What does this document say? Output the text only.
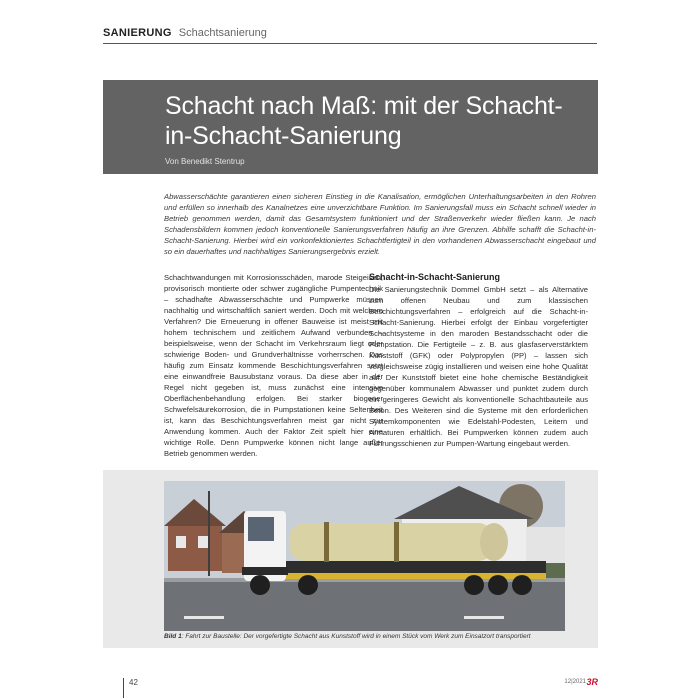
SANIERUNG Schachtsanierung
Schacht nach Maß: mit der Schacht-
in-Schacht-Sanierung
Von Benedikt Stentrup

Abwasserschächte garantieren einen sicheren Einstieg in die Kanalisation, ermöglichen Unterhaltungsarbeiten in den Rohren und erfüllen so innerhalb des Kanalnetzes eine unverzichtbare Funktion. Im Sanierungsfall muss ein Schacht schnell wieder in Betrieb genommen werden, damit das Gesamtsystem funktioniert und der Straßenverkehr wieder fließen kann. Je nach Schadensbildern kommen jedoch konventionelle Sanierungsverfahren häufig an ihre Grenzen. Abhilfe schafft die Schacht-in-Schacht-Sanierung. Hierbei wird ein vorkonfektioniertes Schachtfertigteil in den vorhandenen Abwasserschacht eingebaut und so ein dauerhaftes und nachhaltiges Sanierungsergebnis erzielt.

Schachtwandungen mit Korrosionsschäden, marode Steigeisen, provisorisch montierte oder schwer zugängliche Pumpentechnik – schadhafte Abwasserschächte und Pumpwerke müssen nachhaltig und wirtschaftlich saniert werden. Doch mit welchem Verfahren? Die Erneuerung in offener Bauweise ist meist mit hohem technischem und zeitlichem Aufwand verbunden – beispielsweise, wenn der Schacht im Verkehrsraum liegt oder schwierige Boden- und Grundverhältnisse vorherrschen. Das häufig zum Einsatz kommende Beschichtungsverfahren setzt eine einwandfreie Bausubstanz voraus. Da diese aber in der Regel nicht gegeben ist, muss zunächst eine intensive Oberflächenbehandlung erfolgen. Bei starker biogener Schwefelsäurekorrosion, die in Pumpstationen keine Seltenheit ist, kann das Beschichtungsverfahren meist gar nicht zur Anwendung kommen. Auch der Faktor Zeit spielt hier eine wichtige Rolle. Denn Pumpwerke können nicht lange außer Betrieb genommen werden.

Schacht-in-Schacht-Sanierung

Die Sanierungstechnik Dommel GmbH setzt – als Alternative zum offenen Neubau und zum klassischen Beschichtungsverfahren – erfolgreich auf die Schacht-in-Schacht-Sanierung. Hierbei erfolgt der Einbau vorgefertigter Schachtsysteme in den maroden Bestandsschacht oder die Pumpstation. Die Fertigteile – z. B. aus glasfaserverstärktem Kunststoff (GFK) oder Polypropylen (PP) – lassen sich vergleichsweise zügig installieren und weisen eine hohe Qualität auf. Der Kunststoff bietet eine hohe chemische Beständigkeit gegenüber kommunalem Abwasser und punktet zudem durch ein geringeres Gewicht als konventionelle Schachtbauteile aus Beton. Des Weiteren sind die Systeme mit den erforderlichen Systemkomponenten wie Edelstahl-Podesten, Leitern und Armaturen erhältlich. Bei Pumpwerken können zudem auch Führungsschienen zur Pumpen-Wartung eingebaut werden.

Bild 1: Fahrt zur Baustelle: Der vorgefertigte Schacht aus Kunststoff wird in einem Stück vom Werk zum Einsatzort transportiert
42	12|2021 3R
